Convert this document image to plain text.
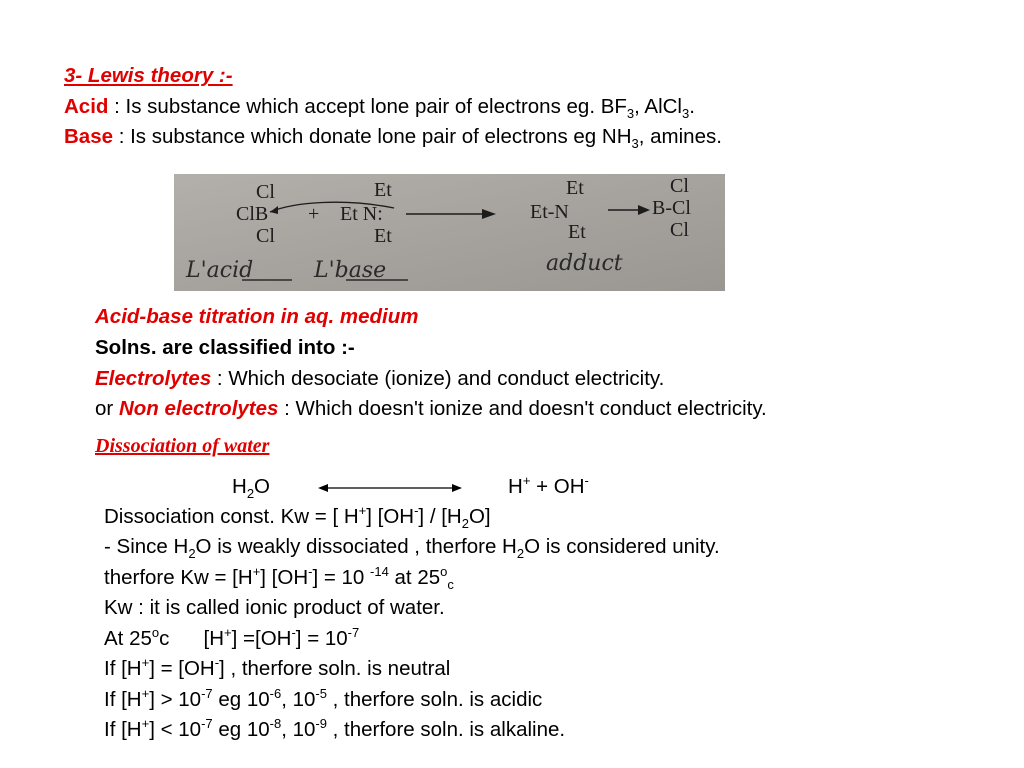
3- Lewis theory :-
Acid : Is substance which accept lone pair of electrons eg. $BF_3$, AlCl$_3$.
Base : Is substance which donate lone pair of electrons eg $NH_3$, amines.
Cl
ClB
Cl
+
Et
Et N:
Et
Et
Et-N
Et
Cl
B-Cl
Cl
L'acid	L'base	adduct
Acid-base titration in aq. medium
Solns. are classified into :-
Electrolytes : Which desociate (ionize) and conduct electricity.
or Non electrolytes : Which doesn't ionize and doesn't conduct electricity.
Dissociation of water
$H_2O$	H+ + OH-
Dissociation const. Kw = [ H+] $[OH^-] / [H_2O]$
- Since $H_2O$ is weakly dissociated , therfore $H_2O$ is considered unity.
therfore Kw = [H+] [OH-] = 10 $^{-14}$ at $25^o_c$
Kw : it is called ionic product of water.
At 25$^o$c      $[H^+] =[OH^-] = 10^{-7}$
If [H+] = [OH-] , therfore soln. is neutral
If $[H^+] > 10^{-7}$ eg $10^{-6}$, $10^{-5}$ , therfore soln. is acidic
If $[H^+] < 10^{-7}$ eg $10^{-8}$, $10^{-9}$ , therfore soln. is alkaline.
